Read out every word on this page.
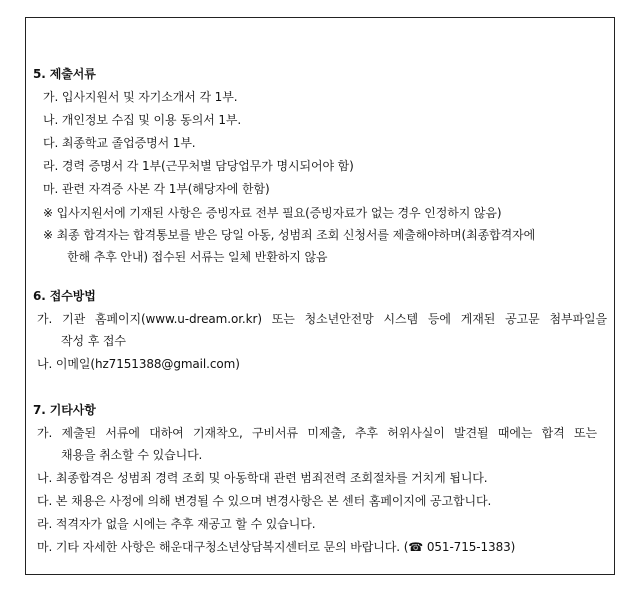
5. 제출서류
가. 입사지원서 및 자기소개서 각 1부.
나. 개인정보 수집 및 이용 동의서 1부.
다. 최종학교 졸업증명서 1부.
라. 경력 증명서 각 1부(근무처별 담당업무가 명시되어야 함)
마. 관련 자격증 사본 각 1부(해당자에 한함)
※ 입사지원서에 기재된 사항은 증빙자료 전부 필요(증빙자료가 없는 경우 인정하지 않음)
※ 최종 합격자는 합격통보를 받은 당일 아동, 성범죄 조회 신청서를 제출해야하며(최종합격자에
한해 추후 안내) 접수된 서류는 일체 반환하지 않음
6. 접수방법
가. 기관 홈페이지(www.u-dream.or.kr) 또는 청소년안전망 시스템 등에 게재된 공고문 첨부파일을
작성 후 접수
나. 이메일(hz7151388@gmail.com)
7. 기타사항
가. 제출된 서류에 대하여 기재착오, 구비서류 미제출, 추후 허위사실이 발견될 때에는 합격 또는
채용을 취소할 수 있습니다.
나. 최종합격은 성범죄 경력 조회 및 아동학대 관련 범죄전력 조회절차를 거치게 됩니다.
다. 본 채용은 사정에 의해 변경될 수 있으며 변경사항은 본 센터 홈페이지에 공고합니다.
라. 적격자가 없을 시에는 추후 재공고 할 수 있습니다.
마. 기타 자세한 사항은 해운대구청소년상담복지센터로 문의 바랍니다. (☎ 051-715-1383)
